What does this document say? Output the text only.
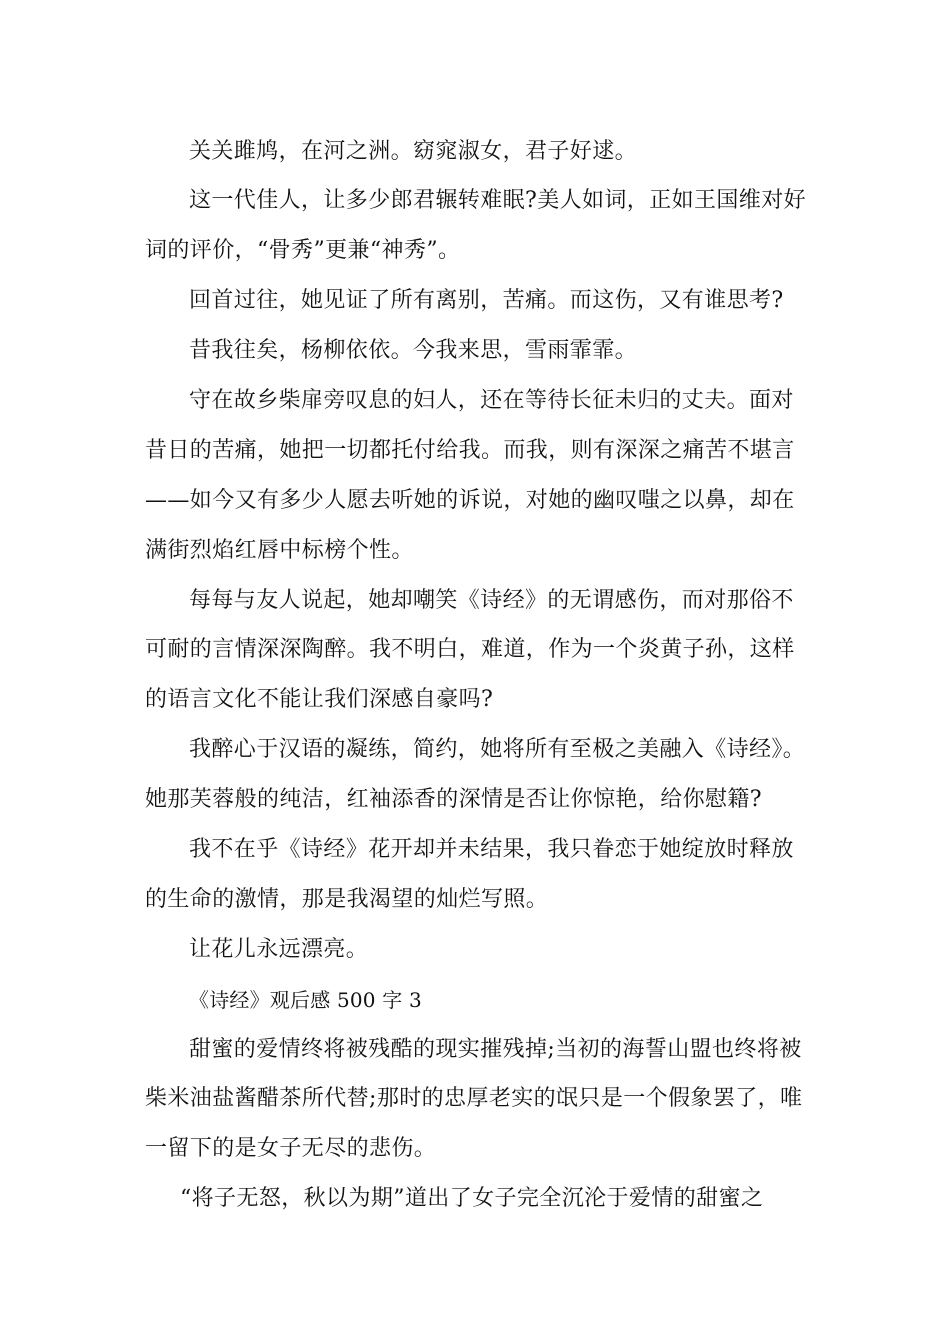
关关雎鸠，在河之洲。窈窕淑女，君子好逑。
这一代佳人，让多少郎君辗转难眠?美人如词，正如王国维对好
词的评价，“骨秀”更兼“神秀”。
回首过往，她见证了所有离别，苦痛。而这伤，又有谁思考?
昔我往矣，杨柳依依。今我来思，雪雨霏霏。
守在故乡柴扉旁叹息的妇人，还在等待长征未归的丈夫。面对
昔日的苦痛，她把一切都托付给我。而我，则有深深之痛苦不堪言
——如今又有多少人愿去听她的诉说，对她的幽叹嗤之以鼻，却在
满街烈焰红唇中标榜个性。
每每与友人说起，她却嘲笑《诗经》的无谓感伤，而对那俗不
可耐的言情深深陶醉。我不明白，难道，作为一个炎黄子孙，这样
的语言文化不能让我们深感自豪吗?
我醉心于汉语的凝练，简约，她将所有至极之美融入《诗经》。
她那芙蓉般的纯洁，红袖添香的深情是否让你惊艳，给你慰籍?
我不在乎《诗经》花开却并未结果，我只眷恋于她绽放时释放
的生命的激情，那是我渴望的灿烂写照。
让花儿永远漂亮。
《诗经》观后感 500 字 3
甜蜜的爱情终将被残酷的现实摧残掉;当初的海誓山盟也终将被
柴米油盐酱醋茶所代替;那时的忠厚老实的氓只是一个假象罢了，唯
一留下的是女子无尽的悲伤。
“将子无怒，秋以为期”道出了女子完全沉沦于爱情的甜蜜之
